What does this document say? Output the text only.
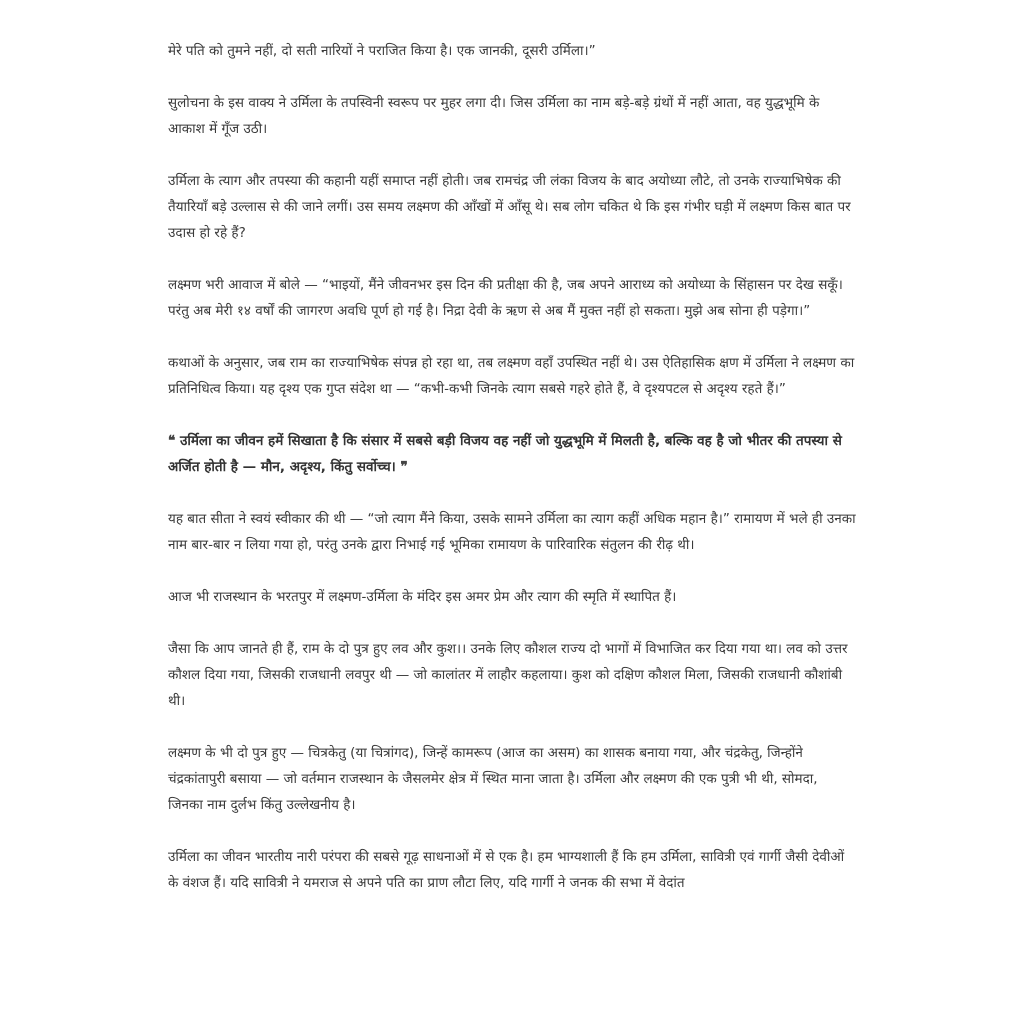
मेरे पति को तुमने नहीं, दो सती नारियों ने पराजित किया है। एक जानकी, दूसरी उर्मिला।”

सुलोचना के इस वाक्य ने उर्मिला के तपस्विनी स्वरूप पर मुहर लगा दी। जिस उर्मिला का नाम बड़े-बड़े ग्रंथों में नहीं आता, वह युद्धभूमि के आकाश में गूँज उठी।

उर्मिला के त्याग और तपस्या की कहानी यहीं समाप्त नहीं होती। जब रामचंद्र जी लंका विजय के बाद अयोध्या लौटे, तो उनके राज्याभिषेक की तैयारियाँ बड़े उल्लास से की जाने लगीं। उस समय लक्ष्मण की आँखों में आँसू थे। सब लोग चकित थे कि इस गंभीर घड़ी में लक्ष्मण किस बात पर उदास हो रहे हैं?

लक्ष्मण भरी आवाज में बोले — “भाइयों, मैंने जीवनभर इस दिन की प्रतीक्षा की है, जब अपने आराध्य को अयोध्या के सिंहासन पर देख सकूँ। परंतु अब मेरी १४ वर्षों की जागरण अवधि पूर्ण हो गई है। निद्रा देवी के ऋण से अब मैं मुक्त नहीं हो सकता। मुझे अब सोना ही पड़ेगा।”

कथाओं के अनुसार, जब राम का राज्याभिषेक संपन्न हो रहा था, तब लक्ष्मण वहाँ उपस्थित नहीं थे। उस ऐतिहासिक क्षण में उर्मिला ने लक्ष्मण का प्रतिनिधित्व किया। यह दृश्य एक गुप्त संदेश था — “कभी-कभी जिनके त्याग सबसे गहरे होते हैं, वे दृश्यपटल से अदृश्य रहते हैं।”

❝ उर्मिला का जीवन हमें सिखाता है कि संसार में सबसे बड़ी विजय वह नहीं जो युद्धभूमि में मिलती है, बल्कि वह है जो भीतर की तपस्या से अर्जित होती है — मौन, अदृश्य, किंतु सर्वोच्च। ❞

यह बात सीता ने स्वयं स्वीकार की थी — “जो त्याग मैंने किया, उसके सामने उर्मिला का त्याग कहीं अधिक महान है।” रामायण में भले ही उनका नाम बार-बार न लिया गया हो, परंतु उनके द्वारा निभाई गई भूमिका रामायण के पारिवारिक संतुलन की रीढ़ थी।

आज भी राजस्थान के भरतपुर में लक्ष्मण-उर्मिला के मंदिर इस अमर प्रेम और त्याग की स्मृति में स्थापित हैं।

जैसा कि आप जानते ही हैं, राम के दो पुत्र हुए लव और कुश।। उनके लिए कौशल राज्य दो भागों में विभाजित कर दिया गया था। लव को उत्तर कौशल दिया गया, जिसकी राजधानी लवपुर थी — जो कालांतर में लाहौर कहलाया। कुश को दक्षिण कौशल मिला, जिसकी राजधानी कौशांबी थी।

लक्ष्मण के भी दो पुत्र हुए — चित्रकेतु (या चित्रांगद), जिन्हें कामरूप (आज का असम) का शासक बनाया गया, और चंद्रकेतु, जिन्होंने चंद्रकांतापुरी बसाया — जो वर्तमान राजस्थान के जैसलमेर क्षेत्र में स्थित माना जाता है। उर्मिला और लक्ष्मण की एक पुत्री भी थी, सोमदा, जिनका नाम दुर्लभ किंतु उल्लेखनीय है।

उर्मिला का जीवन भारतीय नारी परंपरा की सबसे गूढ़ साधनाओं में से एक है। हम भाग्यशाली हैं कि हम उर्मिला, सावित्री एवं गार्गी जैसी देवीओं के वंशज हैं। यदि सावित्री ने यमराज से अपने पति का प्राण लौटा लिए, यदि गार्गी ने जनक की सभा में वेदांत
